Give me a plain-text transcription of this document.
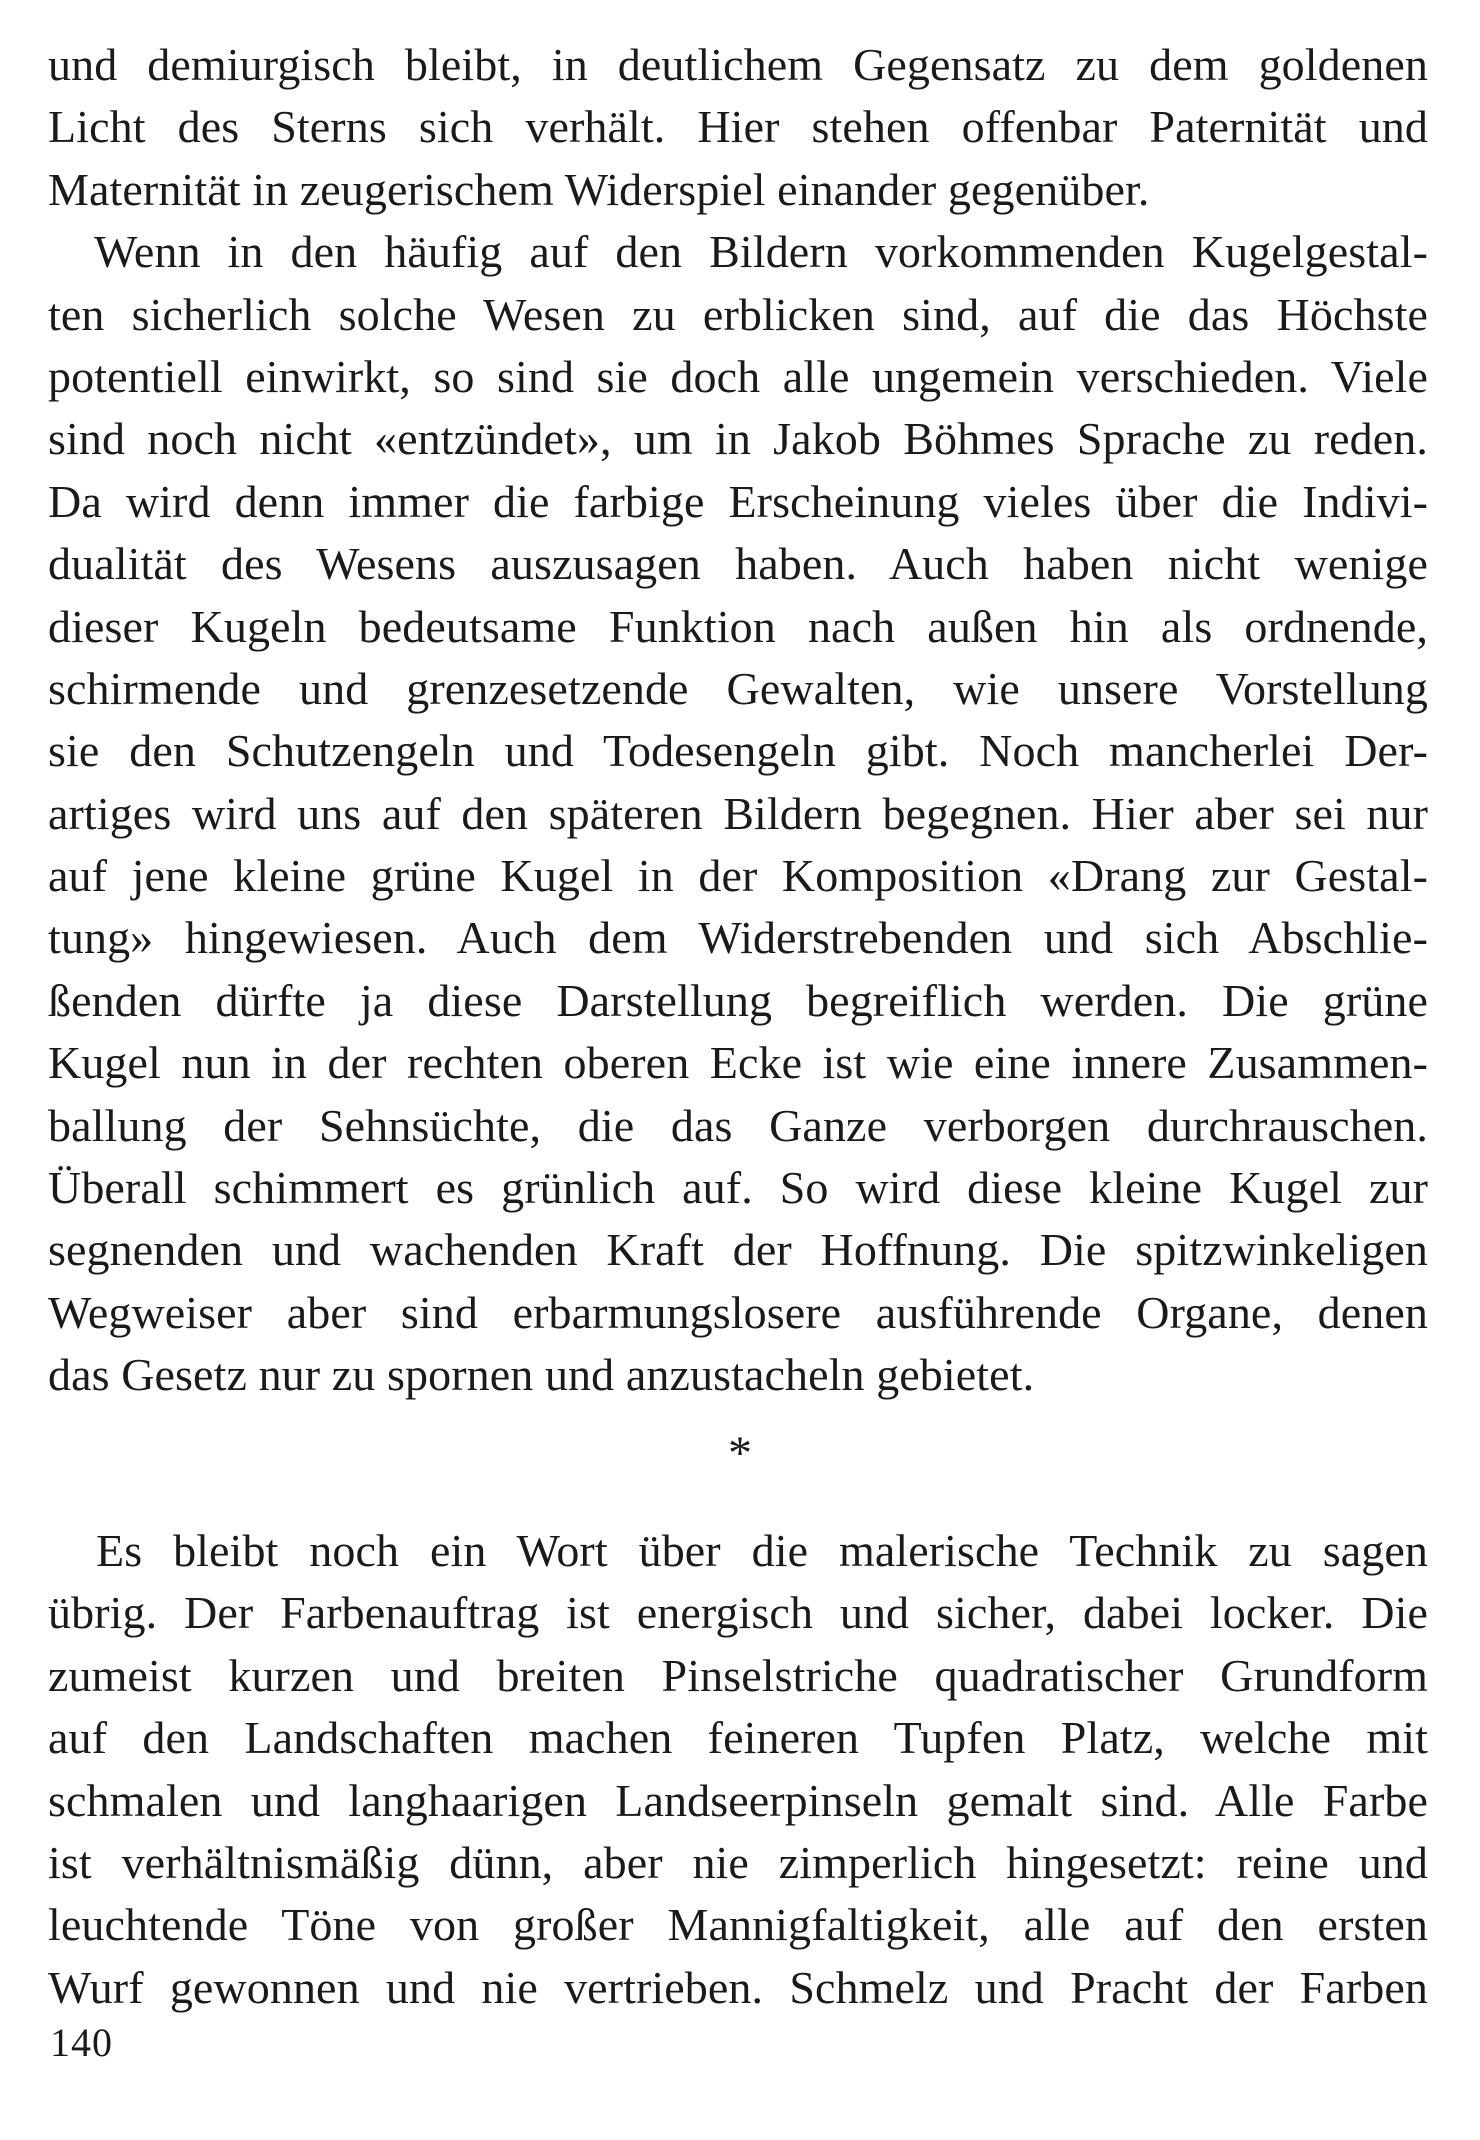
und demiurgisch bleibt, in deutlichem Gegensatz zu dem goldenen
Licht des Sterns sich verhält. Hier stehen offenbar Paternität und
Maternität in zeugerischem Widerspiel einander gegenüber.
Wenn in den häufig auf den Bildern vorkommenden Kugelgestal-
ten sicherlich solche Wesen zu erblicken sind, auf die das Höchste
potentiell einwirkt, so sind sie doch alle ungemein verschieden. Viele
sind noch nicht «entzündet», um in Jakob Böhmes Sprache zu reden.
Da wird denn immer die farbige Erscheinung vieles über die Indivi-
dualität des Wesens auszusagen haben. Auch haben nicht wenige
dieser Kugeln bedeutsame Funktion nach außen hin als ordnende,
schirmende und grenzesetzende Gewalten, wie unsere Vorstellung
sie den Schutzengeln und Todesengeln gibt. Noch mancherlei Der-
artiges wird uns auf den späteren Bildern begegnen. Hier aber sei nur
auf jene kleine grüne Kugel in der Komposition «Drang zur Gestal-
tung» hingewiesen. Auch dem Widerstrebenden und sich Abschlie-
ßenden dürfte ja diese Darstellung begreiflich werden. Die grüne
Kugel nun in der rechten oberen Ecke ist wie eine innere Zusammen-
ballung der Sehnsüchte, die das Ganze verborgen durchrauschen.
Überall schimmert es grünlich auf. So wird diese kleine Kugel zur
segnenden und wachenden Kraft der Hoffnung. Die spitzwinkeligen
Wegweiser aber sind erbarmungslosere ausführende Organe, denen
das Gesetz nur zu spornen und anzustacheln gebietet.
*
Es bleibt noch ein Wort über die malerische Technik zu sagen
übrig. Der Farbenauftrag ist energisch und sicher, dabei locker. Die
zumeist kurzen und breiten Pinselstriche quadratischer Grundform
auf den Landschaften machen feineren Tupfen Platz, welche mit
schmalen und langhaarigen Landseerpinseln gemalt sind. Alle Farbe
ist verhältnismäßig dünn, aber nie zimperlich hingesetzt: reine und
leuchtende Töne von großer Mannigfaltigkeit, alle auf den ersten
Wurf gewonnen und nie vertrieben. Schmelz und Pracht der Farben
140
